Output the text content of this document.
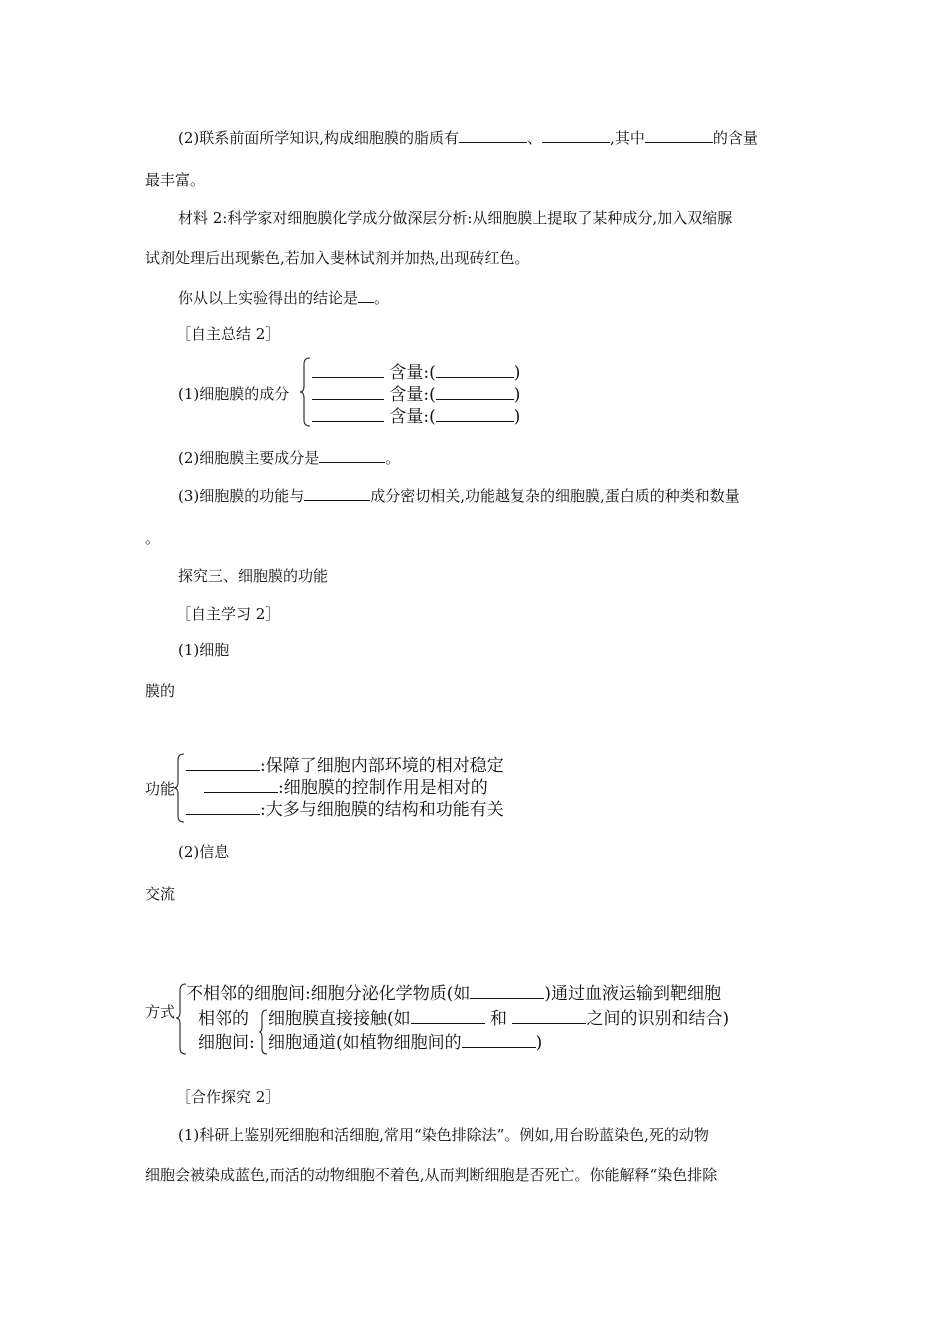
(2)联系前面所学知识,构成细胞膜的脂质有	、	,其中	的含量
最丰富。
材料 2:科学家对细胞膜化学成分做深层分析:从细胞膜上提取了某种成分,加入双缩脲
试剂处理后出现紫色,若加入斐林试剂并加热,出现砖红色。
你从以上实验得出的结论是 。
［自主总结 2］
(1)细胞膜的成分
含量:(	)
含量:(	)
含量:(	)
(2)细胞膜主要成分是	。
(3)细胞膜的功能与	成分密切相关,功能越复杂的细胞膜,蛋白质的种类和数量
。
探究三、细胞膜的功能
［自主学习 2］
(1)细胞
膜的
功能
:保障了细胞内部环境的相对稳定
:细胞膜的控制作用是相对的
:大多与细胞膜的结构和功能有关
(2)信息
交流
方式
不相邻的细胞间:细胞分泌化学物质(如	)通过血液运输到靶细胞
相邻的
细胞间:
细胞膜直接接触(如	和	之间的识别和结合)
细胞通道(如植物细胞间的	)
［合作探究 2］
(1)科研上鉴别死细胞和活细胞,常用“染色排除法”。例如,用台盼蓝染色,死的动物
细胞会被染成蓝色,而活的动物细胞不着色,从而判断细胞是否死亡。你能解释“染色排除
